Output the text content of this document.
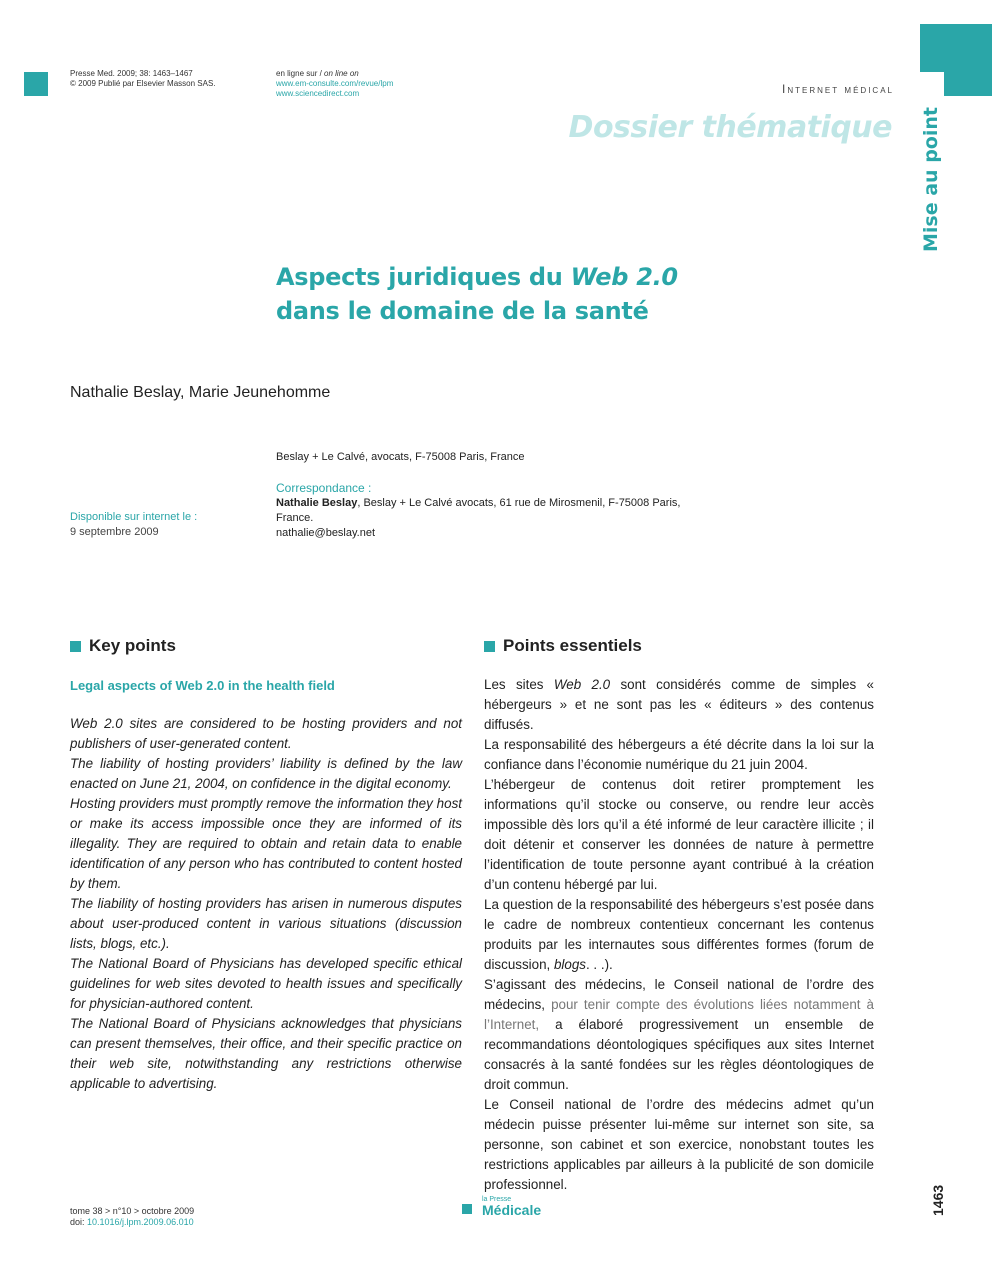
Presse Med. 2009; 38: 1463–1467
© 2009 Publié par Elsevier Masson SAS.
en ligne sur / on line on
www.em-consulte.com/revue/lpm
www.sciencedirect.com	Internet médical
Dossier thématique Mise au point
Aspects juridiques du Web 2.0
dans le domaine de la santé
Nathalie Beslay, Marie Jeunehomme
Beslay + Le Calvé, avocats, F-75008 Paris, France
Correspondance :
Nathalie Beslay, Beslay + Le Calvé avocats, 61 rue de Mirosmenil, F-75008 Paris, France.
nathalie@beslay.net
Disponible sur internet le :
9 septembre 2009
Key points	Points essentiels
Legal aspects of Web 2.0 in the health field

Web 2.0 sites are considered to be hosting providers and not publishers of user-generated content.

The liability of hosting providers’ liability is defined by the law enacted on June 21, 2004, on confidence in the digital economy.

Hosting providers must promptly remove the information they host or make its access impossible once they are informed of its illegality. They are required to obtain and retain data to enable identification of any person who has contributed to content hosted by them.

The liability of hosting providers has arisen in numerous disputes about user-produced content in various situations (discussion lists, blogs, etc.).

The National Board of Physicians has developed specific ethical guidelines for web sites devoted to health issues and specifically for physician-authored content.

The National Board of Physicians acknowledges that physicians can present themselves, their office, and their specific practice on their web site, notwithstanding any restrictions otherwise applicable to advertising.

Les sites Web 2.0 sont considérés comme de simples « hébergeurs » et ne sont pas les « éditeurs » des contenus diffusés.

La responsabilité des hébergeurs a été décrite dans la loi sur la confiance dans l’économie numérique du 21 juin 2004.

L’hébergeur de contenus doit retirer promptement les informations qu’il stocke ou conserve, ou rendre leur accès impossible dès lors qu’il a été informé de leur caractère illicite ; il doit détenir et conserver les données de nature à permettre l’identification de toute personne ayant contribué à la création d’un contenu hébergé par lui.

La question de la responsabilité des hébergeurs s’est posée dans le cadre de nombreux contentieux concernant les contenus produits par les internautes sous différentes formes (forum de discussion, blogs. . .).

S’agissant des médecins, le Conseil national de l’ordre des médecins, pour tenir compte des évolutions liées notamment à l’Internet, a élaboré progressivement un ensemble de recommandations déontologiques spécifiques aux sites Internet consacrés à la santé fondées sur les règles déontologiques de droit commun.

Le Conseil national de l’ordre des médecins admet qu’un médecin puisse présenter lui-même sur internet son site, sa personne, son cabinet et son exercice, nonobstant toutes les restrictions applicables par ailleurs à la publicité de son domicile professionnel.

tome 38 > n°10 > octobre 2009
doi: 10.1016/j.lpm.2009.06.010
la Presse
Médicale	1463
